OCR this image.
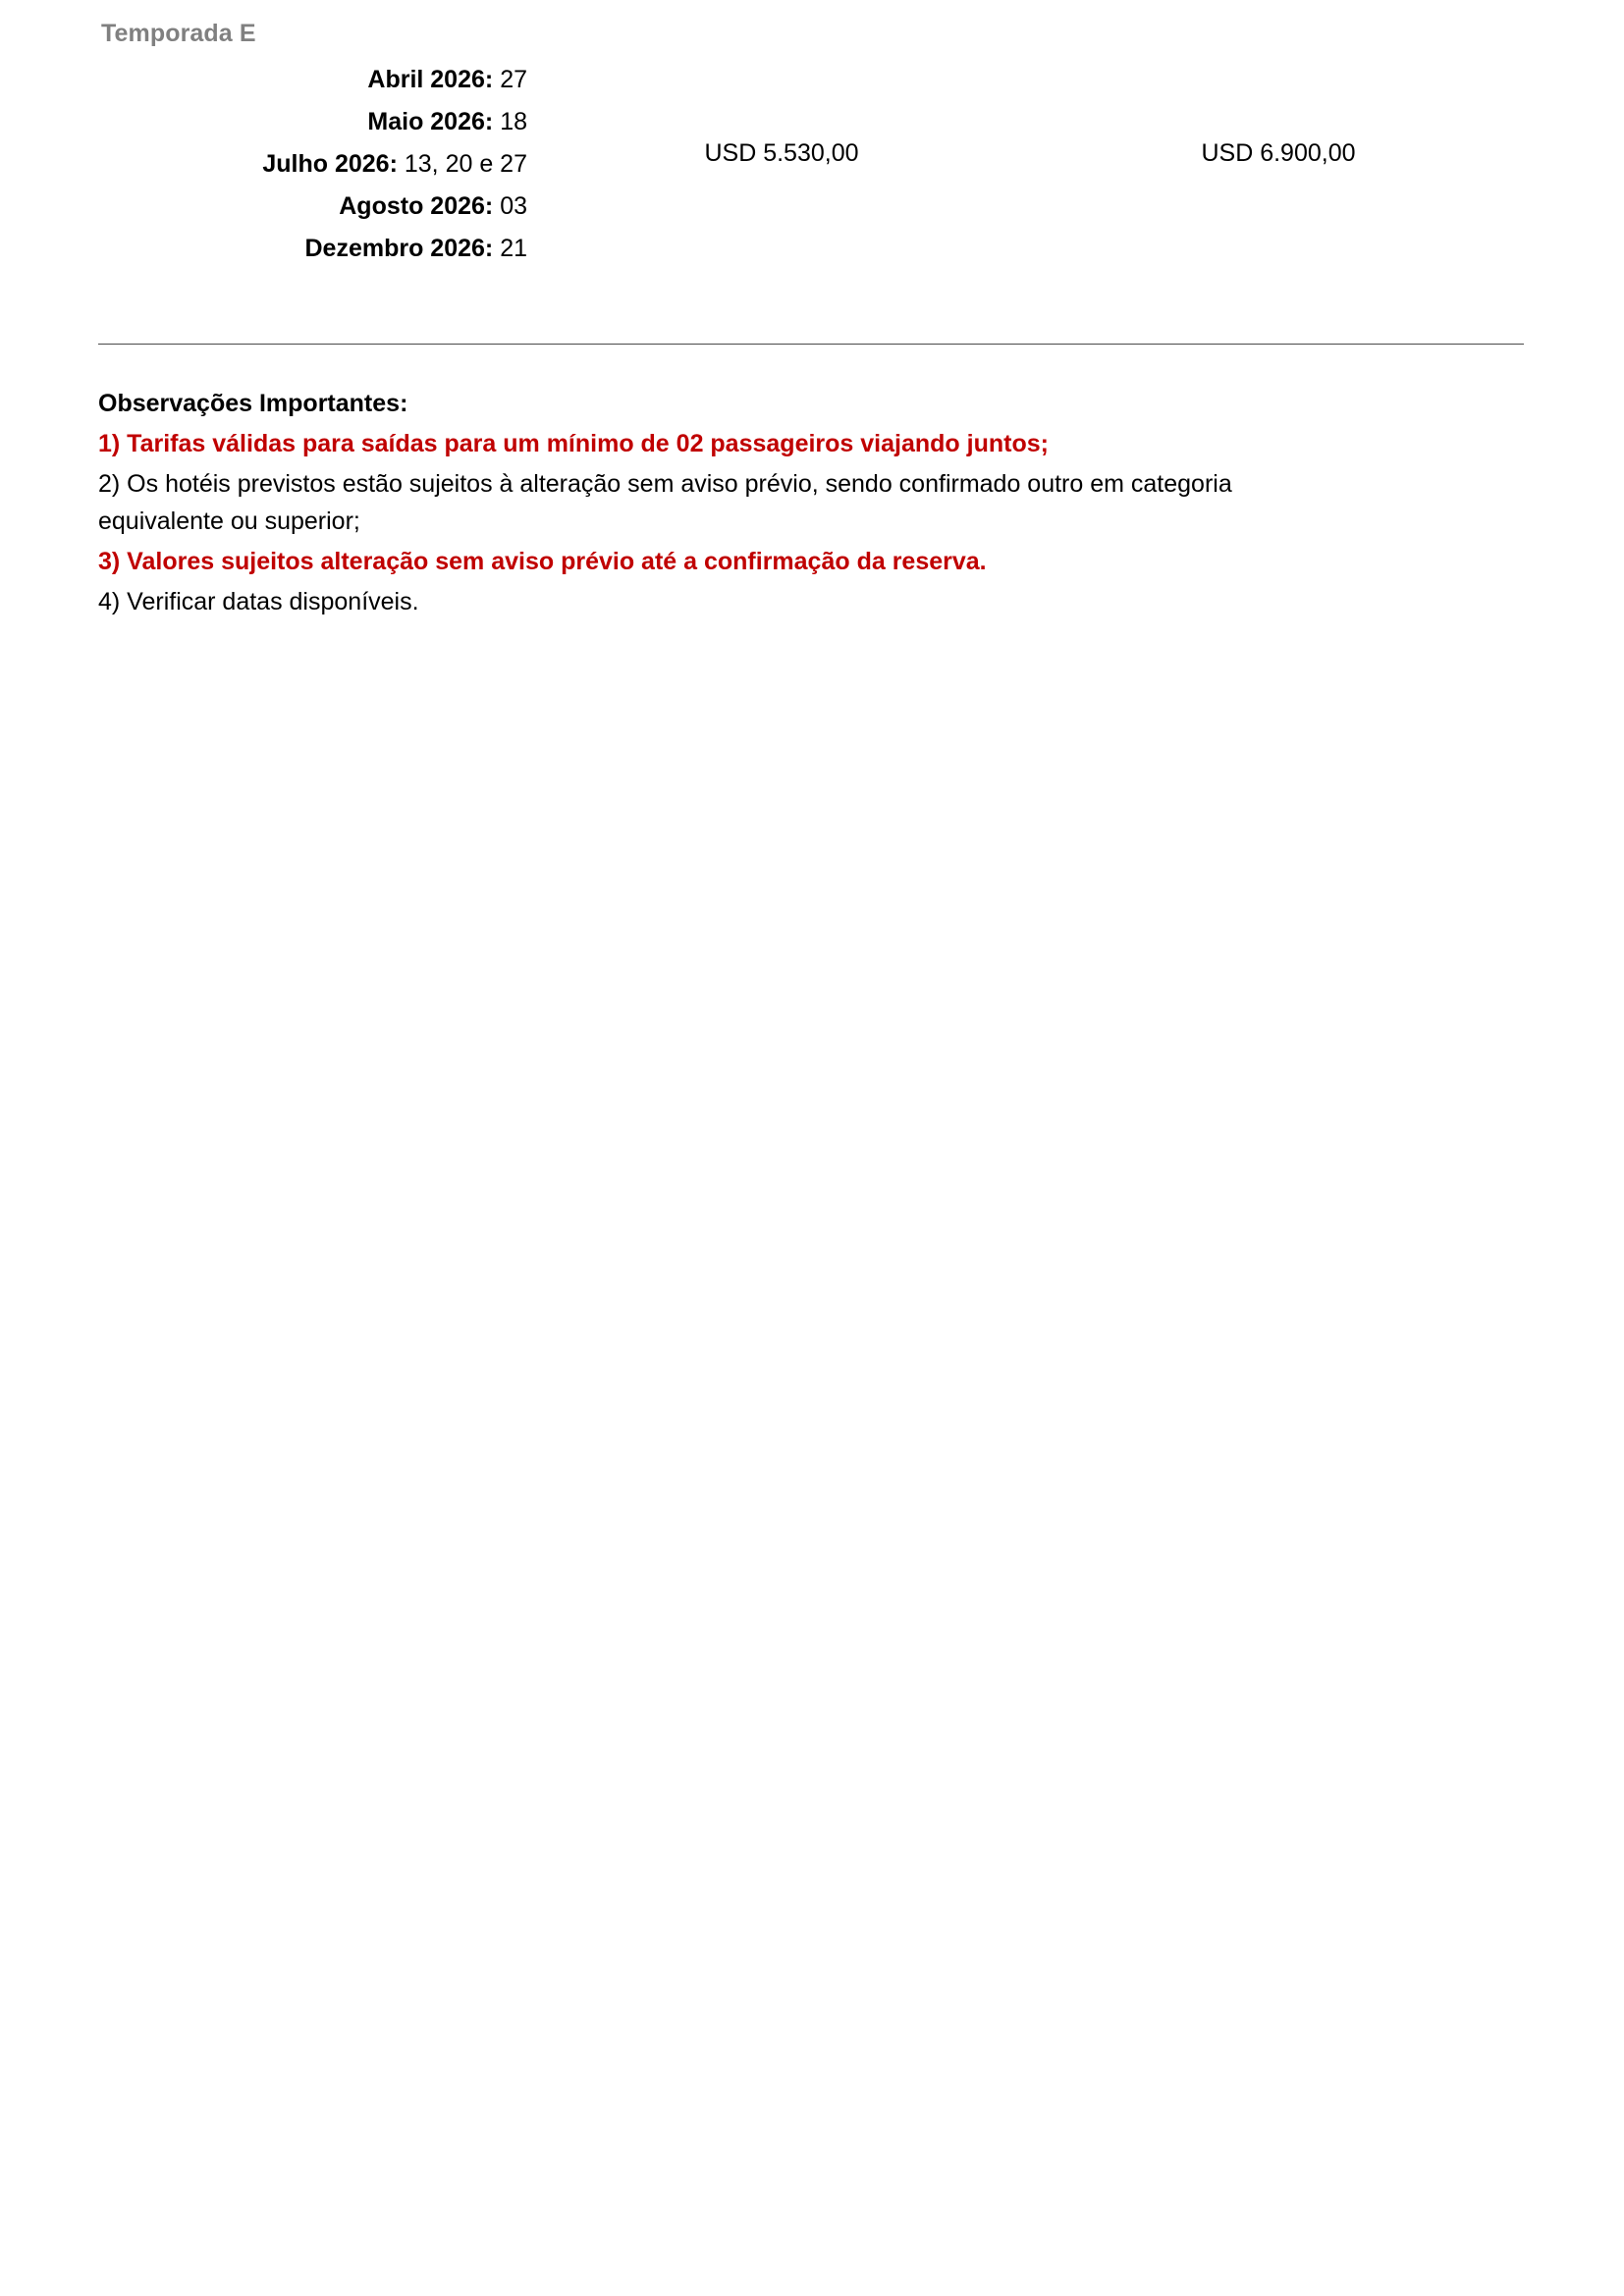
Temporada E
Abril 2026: 27
Maio 2026: 18
Julho 2026: 13, 20 e 27
Agosto 2026: 03
Dezembro 2026: 21
USD 5.530,00	USD 6.900,00
Observações Importantes:
1) Tarifas válidas para saídas para um mínimo de 02 passageiros viajando juntos;
2) Os hotéis previstos estão sujeitos à alteração sem aviso prévio, sendo confirmado outro em categoria equivalente ou superior;
3) Valores sujeitos alteração sem aviso prévio até a confirmação da reserva.
4) Verificar datas disponíveis.
